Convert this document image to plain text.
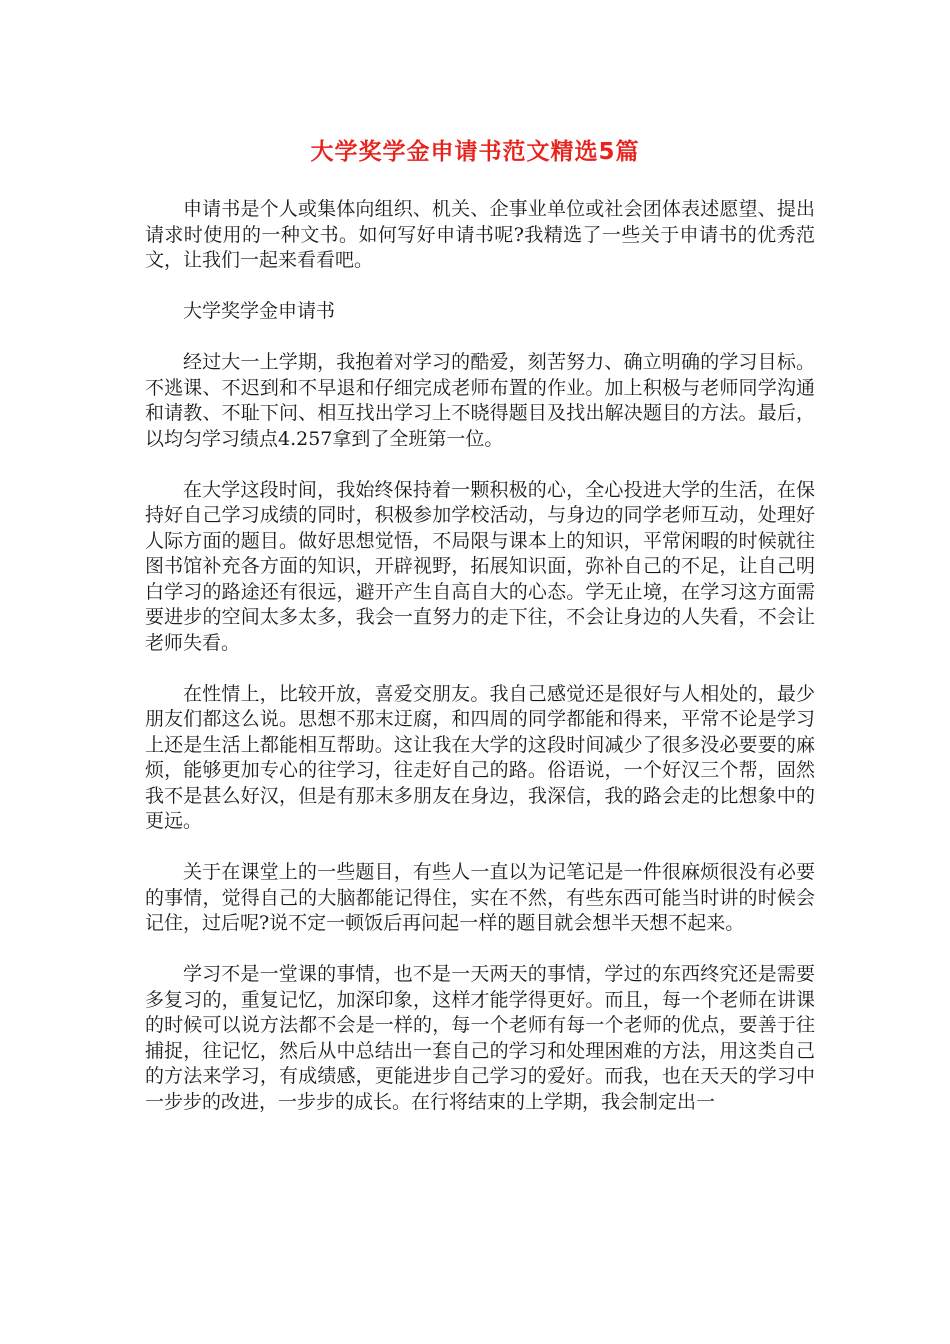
大学奖学金申请书范文精选5篇

申请书是个人或集体向组织、机关、企事业单位或社会团体表述愿望、提出请求时使用的一种文书。如何写好申请书呢?我精选了一些关于申请书的优秀范文，让我们一起来看看吧。

大学奖学金申请书

经过大一上学期，我抱着对学习的酷爱，刻苦努力、确立明确的学习目标。不逃课、不迟到和不早退和仔细完成老师布置的作业。加上积极与老师同学沟通和请教、不耻下问、相互找出学习上不晓得题目及找出解决题目的方法。最后，以均匀学习绩点4.257拿到了全班第一位。

在大学这段时间，我始终保持着一颗积极的心，全心投进大学的生活，在保持好自己学习成绩的同时，积极参加学校活动，与身边的同学老师互动，处理好人际方面的题目。做好思想觉悟，不局限与课本上的知识，平常闲暇的时候就往图书馆补充各方面的知识，开辟视野，拓展知识面，弥补自己的不足，让自己明白学习的路途还有很远，避开产生自高自大的心态。学无止境，在学习这方面需要进步的空间太多太多，我会一直努力的走下往，不会让身边的人失看，不会让老师失看。

在性情上，比较开放，喜爱交朋友。我自己感觉还是很好与人相处的，最少朋友们都这么说。思想不那末迂腐，和四周的同学都能和得来，平常不论是学习上还是生活上都能相互帮助。这让我在大学的这段时间减少了很多没必要要的麻烦，能够更加专心的往学习，往走好自己的路。俗语说，一个好汉三个帮，固然我不是甚么好汉，但是有那末多朋友在身边，我深信，我的路会走的比想象中的更远。

关于在课堂上的一些题目，有些人一直以为记笔记是一件很麻烦很没有必要的事情，觉得自己的大脑都能记得住，实在不然，有些东西可能当时讲的时候会记住，过后呢?说不定一顿饭后再问起一样的题目就会想半天想不起来。

学习不是一堂课的事情，也不是一天两天的事情，学过的东西终究还是需要多复习的，重复记忆，加深印象，这样才能学得更好。而且，每一个老师在讲课的时候可以说方法都不会是一样的，每一个老师有每一个老师的优点，要善于往捕捉，往记忆，然后从中总结出一套自己的学习和处理困难的方法，用这类自己的方法来学习，有成绩感，更能进步自己学习的爱好。而我，也在天天的学习中一步步的改进，一步步的成长。在行将结束的上学期，我会制定出一
